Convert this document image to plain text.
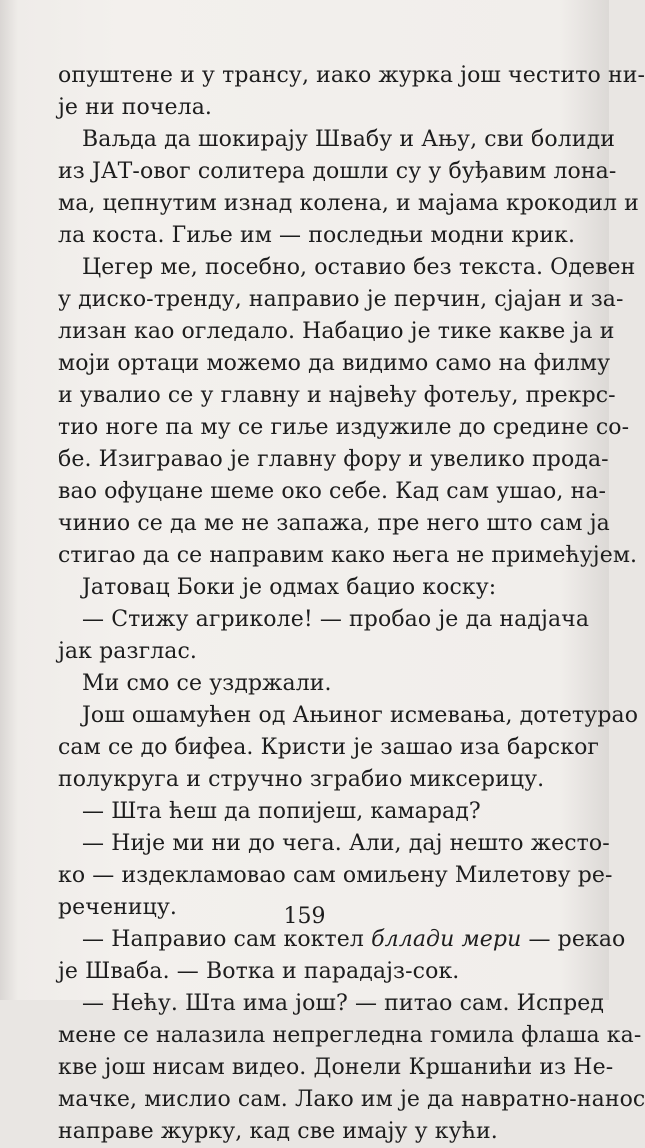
опуштене и у трансу, иако журка још честито ни-
је ни почела.
Ваљда да шокирају Швабу и Ању, сви болиди
из ЈАТ-овог солитера дошли су у буђавим лона-
ма, цепнутим изнад колена, и мајама крокодил и
ла коста. Гиље им — последњи модни крик.
Цегер ме, посебно, оставио без текста. Одевен
у диско-тренду, направио је перчин, сјајан и за-
лизан као огледало. Набацио је тике какве ја и
моји ортаци можемо да видимо само на филму
и увалио се у главну и највећу фотељу, прекрс-
тио ноге па му се гиље издужиле до средине со-
бе. Изигравао је главну фору и увелико прода-
вао офуцане шеме око себе. Кад сам ушао, на-
чинио се да ме не запажа, пре него што сам ја
стигао да се направим како њега не примећујем.
Јатовац Боки је одмах бацио коску:
— Стижу агриколе! — пробао је да надјача
јак разглас.
Ми смо се уздржали.
Још ошамућен од Ањиног исмевања, дотетурао
сам се до бифеа. Кристи је зашао иза барског
полукруга и стручно зграбио миксерицу.
— Шта ћеш да попијеш, камарад?
— Није ми ни до чега. Али, дај нешто жесто-
ко — издекламовао сам омиљену Милетову ре-
реченицу.
— Направио сам коктел бллади мери — рекао
је Шваба. — Вотка и парадајз-сок.
— Нећу. Шта има још? — питао сам. Испред
мене се налазила непрегледна гомила флаша ка-
кве још нисам видео. Донели Кршанићи из Не-
мачке, мислио сам. Лако им је да навратно-нанос
направе журку, кад све имају у кући.
159
